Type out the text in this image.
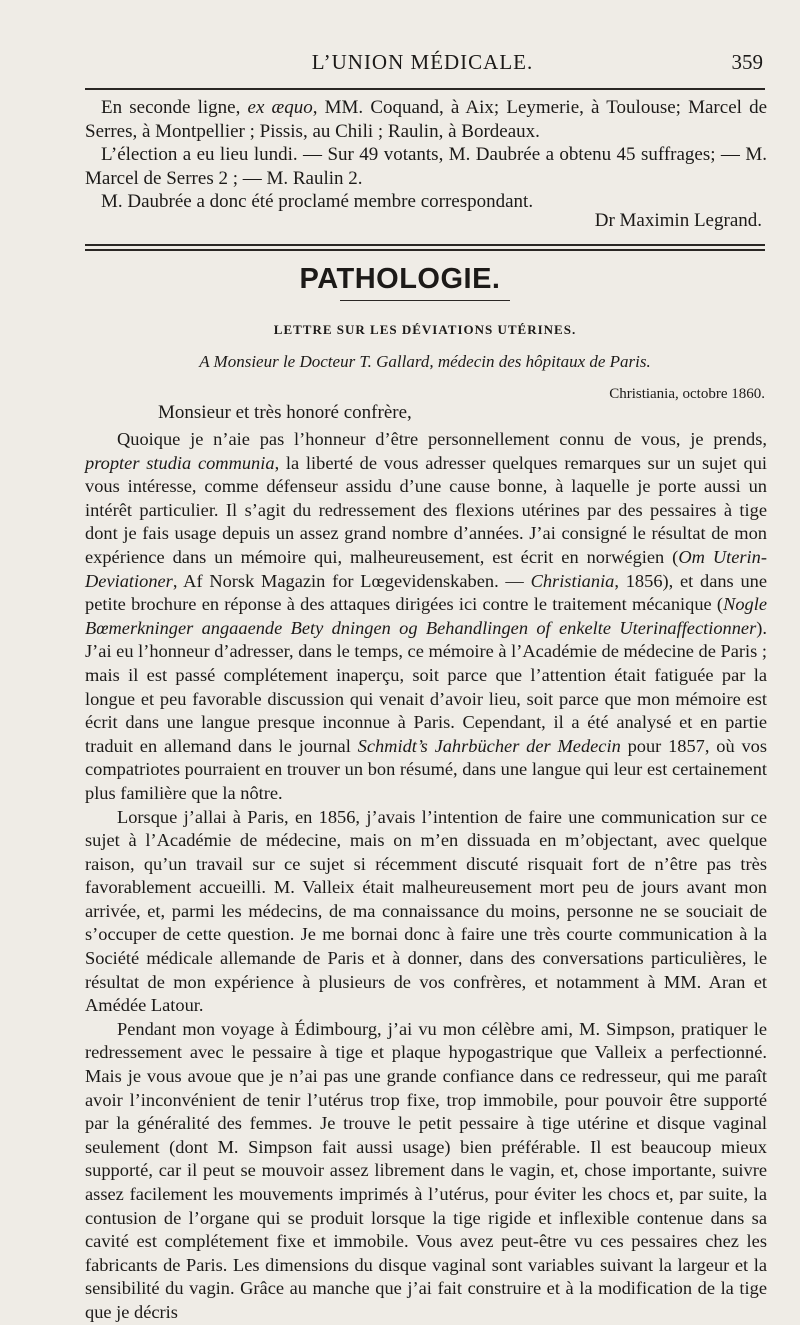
L’UNION MÉDICALE.	359

En seconde ligne, ex æquo, MM. Coquand, à Aix; Leymerie, à Toulouse; Marcel de Serres, à Montpellier ; Pissis, au Chili ; Raulin, à Bordeaux.

L’élection a eu lieu lundi. — Sur 49 votants, M. Daubrée a obtenu 45 suffrages; — M. Marcel de Serres 2 ; — M. Raulin 2.

M. Daubrée a donc été proclamé membre correspondant.

Dr Maximin Legrand.
PATHOLOGIE.
LETTRE SUR LES DÉVIATIONS UTÉRINES.
A Monsieur le Docteur T. Gallard, médecin des hôpitaux de Paris.
Christiania, octobre 1860.
Monsieur et très honoré confrère,

Quoique je n’aie pas l’honneur d’être personnellement connu de vous, je prends, propter studia communia, la liberté de vous adresser quelques remarques sur un sujet qui vous intéresse, comme défenseur assidu d’une cause bonne, à laquelle je porte aussi un intérêt particulier. Il s’agit du redressement des flexions utérines par des pessaires à tige dont je fais usage depuis un assez grand nombre d’années. J’ai consigné le résultat de mon expérience dans un mémoire qui, malheureusement, est écrit en norwégien (Om Uterin-Deviationer, Af Norsk Magazin for Lœgevidenskaben. — Christiania, 1856), et dans une petite brochure en réponse à des attaques dirigées ici contre le traitement mécanique (Nogle Bœmerkninger angaaende Bety dningen og Behandlingen of enkelte Uterinaffectionner). J’ai eu l’honneur d’adresser, dans le temps, ce mémoire à l’Académie de médecine de Paris ; mais il est passé complétement inaperçu, soit parce que l’attention était fatiguée par la longue et peu favorable discussion qui venait d’avoir lieu, soit parce que mon mémoire est écrit dans une langue presque inconnue à Paris. Cependant, il a été analysé et en partie traduit en allemand dans le journal Schmidt’s Jahrbücher der Medecin pour 1857, où vos compatriotes pourraient en trouver un bon résumé, dans une langue qui leur est certainement plus familière que la nôtre.

Lorsque j’allai à Paris, en 1856, j’avais l’intention de faire une communication sur ce sujet à l’Académie de médecine, mais on m’en dissuada en m’objectant, avec quelque raison, qu’un travail sur ce sujet si récemment discuté risquait fort de n’être pas très favorablement accueilli. M. Valleix était malheureusement mort peu de jours avant mon arrivée, et, parmi les médecins, de ma connaissance du moins, personne ne se souciait de s’occuper de cette question. Je me bornai donc à faire une très courte communication à la Société médicale allemande de Paris et à donner, dans des conversations particulières, le résultat de mon expérience à plusieurs de vos confrères, et notamment à MM. Aran et Amédée Latour.

Pendant mon voyage à Édimbourg, j’ai vu mon célèbre ami, M. Simpson, pratiquer le redressement avec le pessaire à tige et plaque hypogastrique que Valleix a perfectionné. Mais je vous avoue que je n’ai pas une grande confiance dans ce redresseur, qui me paraît avoir l’inconvénient de tenir l’utérus trop fixe, trop immobile, pour pouvoir être supporté par la généralité des femmes. Je trouve le petit pessaire à tige utérine et disque vaginal seulement (dont M. Simpson fait aussi usage) bien préférable. Il est beaucoup mieux supporté, car il peut se mouvoir assez librement dans le vagin, et, chose importante, suivre assez facilement les mouvements imprimés à l’utérus, pour éviter les chocs et, par suite, la contusion de l’organe qui se produit lorsque la tige rigide et inflexible contenue dans sa cavité est complétement fixe et immobile. Vous avez peut-être vu ces pessaires chez les fabricants de Paris. Les dimensions du disque vaginal sont variables suivant la largeur et la sensibilité du vagin. Grâce au manche que j’ai fait construire et à la modification de la tige que je décris
